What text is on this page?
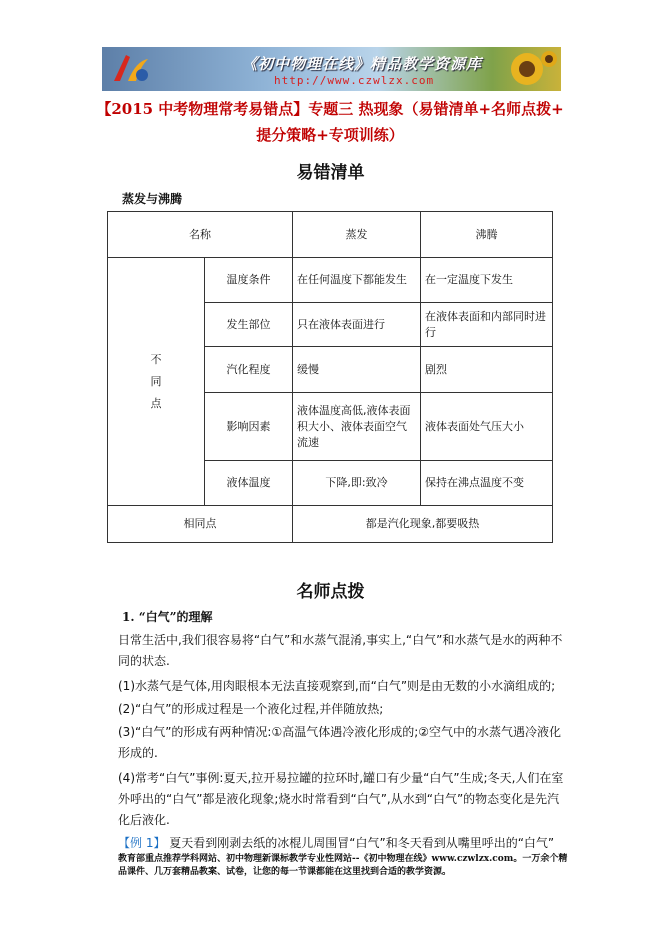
《初中物理在线》精品教学资源库
http://www.czwlzx.com
【2015 中考物理常考易错点】专题三 热现象（易错清单+名师点拨+
提分策略+专项训练）
易错清单
蒸发与沸腾
名称		蒸发	沸腾
不
同
点	温度条件	在任何温度下都能发生	在一定温度下发生
	发生部位	只在液体表面进行	在液体表面和内部同时进行
	汽化程度	缓慢	剧烈
	影响因素	液体温度高低,液体表面积大小、液体表面空气流速	液体表面处气压大小
	液体温度	下降,即:致冷	保持在沸点温度不变
相同点		都是汽化现象,都要吸热	
名师点拨
1. “白气”的理解
日常生活中,我们很容易将“白气”和水蒸气混淆,事实上,“白气”和水蒸气是水的两种不同的状态.
(1)水蒸气是气体,用肉眼根本无法直接观察到,而“白气”则是由无数的小水滴组成的;
(2)“白气”的形成过程是一个液化过程,并伴随放热;
(3)“白气”的形成有两种情况:①高温气体遇冷液化形成的;②空气中的水蒸气遇冷液化形成的.
(4)常考“白气”事例:夏天,拉开易拉罐的拉环时,罐口有少量“白气”生成;冬天,人们在室外呼出的“白气”都是液化现象;烧水时常看到“白气”,从水到“白气”的物态变化是先汽化后液化.
【例 1】 夏天看到刚剥去纸的冰棍儿周围冒“白气”和冬天看到从嘴里呼出的“白气”
教育部重点推荐学科网站、初中物理新课标教学专业性网站--《初中物理在线》www.czwlzx.com。一万余个精品课件、几万套精品教案、试卷，让您的每一节课都能在这里找到合适的教学资源。
